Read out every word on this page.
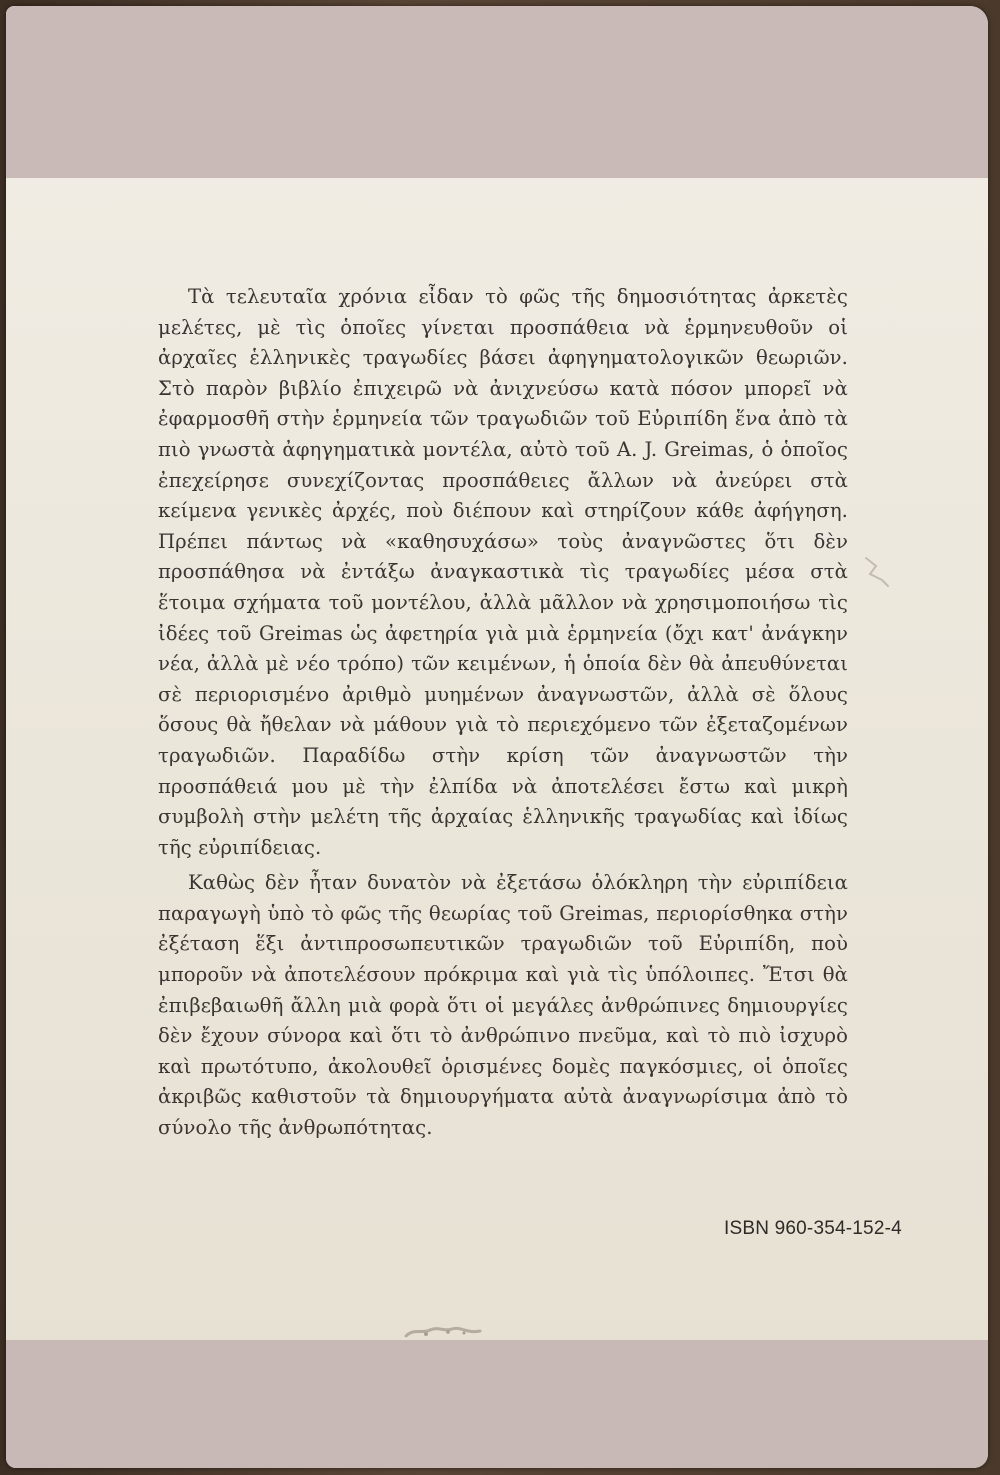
Τὰ τελευταῖα χρόνια εἶδαν τὸ φῶς τῆς δημοσιότητας ἀρκετὲς μελέτες, μὲ τὶς ὁποῖες γίνεται προσπάθεια νὰ ἑρμηνευθοῦν οἱ ἀρχαῖες ἑλληνικὲς τραγωδίες βάσει ἀφηγηματολογικῶν θεωριῶν. Στὸ παρὸν βιβλίο ἐπιχειρῶ νὰ ἀνιχνεύσω κατὰ πόσον μπορεῖ νὰ ἐφαρμοσθῆ στὴν ἑρμηνεία τῶν τραγωδιῶν τοῦ Εὐριπίδη ἕνα ἀπὸ τὰ πιὸ γνωστὰ ἀφηγηματικὰ μοντέλα, αὐτὸ τοῦ A. J. Greimas, ὁ ὁποῖος ἐπεχείρησε συνεχίζοντας προσπάθειες ἄλλων νὰ ἀνεύρει στὰ κείμενα γενικὲς ἀρχές, ποὺ διέπουν καὶ στηρίζουν κάθε ἀφήγηση. Πρέπει πάντως νὰ «καθησυχάσω» τοὺς ἀναγνῶστες ὅτι δὲν προσπάθησα νὰ ἐντάξω ἀναγκαστικὰ τὶς τραγωδίες μέσα στὰ ἕτοιμα σχήματα τοῦ μοντέλου, ἀλλὰ μᾶλλον νὰ χρησιμοποιήσω τὶς ἰδέες τοῦ Greimas ὡς ἀφετηρία γιὰ μιὰ ἑρμηνεία (ὄχι κατ' ἀνάγκην νέα, ἀλλὰ μὲ νέο τρόπο) τῶν κειμένων, ἡ ὁποία δὲν θὰ ἀπευθύνεται σὲ περιορισμένο ἀριθμὸ μυημένων ἀναγνωστῶν, ἀλλὰ σὲ ὅλους ὅσους θὰ ἤθελαν νὰ μάθουν γιὰ τὸ περιεχόμενο τῶν ἐξεταζομένων τραγωδιῶν. Παραδίδω στὴν κρίση τῶν ἀναγνωστῶν τὴν προσπάθειά μου μὲ τὴν ἐλπίδα νὰ ἀποτελέσει ἔστω καὶ μικρὴ συμβολὴ στὴν μελέτη τῆς ἀρχαίας ἑλληνικῆς τραγωδίας καὶ ἰδίως τῆς εὐριπίδειας.

Καθὼς δὲν ἦταν δυνατὸν νὰ ἐξετάσω ὁλόκληρη τὴν εὐριπίδεια παραγωγὴ ὑπὸ τὸ φῶς τῆς θεωρίας τοῦ Greimas, περιορίσθηκα στὴν ἐξέταση ἕξι ἀντιπροσωπευτικῶν τραγωδιῶν τοῦ Εὐριπίδη, ποὺ μποροῦν νὰ ἀποτελέσουν πρόκριμα καὶ γιὰ τὶς ὑπόλοιπες. Ἔτσι θὰ ἐπιβεβαιωθῆ ἄλλη μιὰ φορὰ ὅτι οἱ μεγάλες ἀνθρώπινες δημιουργίες δὲν ἔχουν σύνορα καὶ ὅτι τὸ ἀνθρώπινο πνεῦμα, καὶ τὸ πιὸ ἰσχυρὸ καὶ πρωτότυπο, ἀκολουθεῖ ὁρισμένες δομὲς παγκόσμιες, οἱ ὁποῖες ἀκριβῶς καθιστοῦν τὰ δημιουργήματα αὐτὰ ἀναγνωρίσιμα ἀπὸ τὸ σύνολο τῆς ἀνθρωπότητας.

ISBN 960-354-152-4
